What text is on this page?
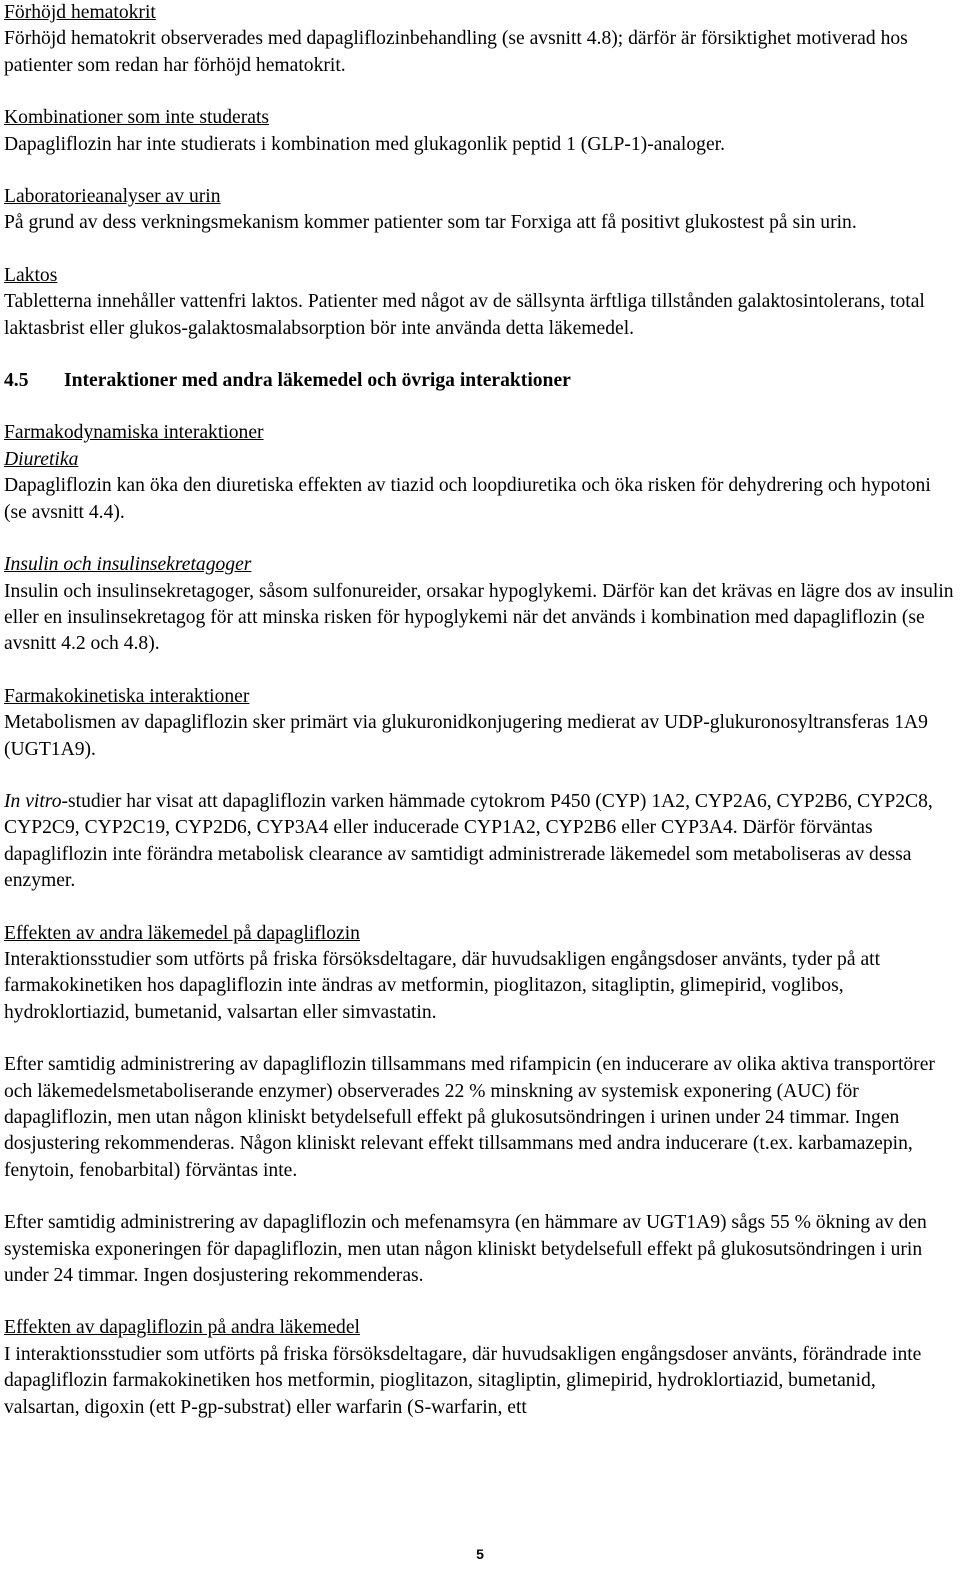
Förhöjd hematokrit

Förhöjd hematokrit observerades med dapagliflozinbehandling (se avsnitt 4.8); därför är försiktighet motiverad hos patienter som redan har förhöjd hematokrit.

Kombinationer som inte studerats

Dapagliflozin har inte studierats i kombination med glukagonlik peptid 1 (GLP-1)-analoger.

Laboratorieanalyser av urin

På grund av dess verkningsmekanism kommer patienter som tar Forxiga att få positivt glukostest på sin urin.

Laktos

Tabletterna innehåller vattenfri laktos. Patienter med något av de sällsynta ärftliga tillstånden galaktosintolerans, total laktasbrist eller glukos-galaktosmalabsorption bör inte använda detta läkemedel.

4.5	Interaktioner med andra läkemedel och övriga interaktioner

Farmakodynamiska interaktioner

Diuretika

Dapagliflozin kan öka den diuretiska effekten av tiazid och loopdiuretika och öka risken för dehydrering och hypotoni (se avsnitt 4.4).

Insulin och insulinsekretagoger

Insulin och insulinsekretagoger, såsom sulfonureider, orsakar hypoglykemi. Därför kan det krävas en lägre dos av insulin eller en insulinsekretagog för att minska risken för hypoglykemi när det används i kombination med dapagliflozin (se avsnitt 4.2 och 4.8).

Farmakokinetiska interaktioner

Metabolismen av dapagliflozin sker primärt via glukuronidkonjugering medierat av UDP-glukuronosyltransferas 1A9 (UGT1A9).

In vitro-studier har visat att dapagliflozin varken hämmade cytokrom P450 (CYP) 1A2, CYP2A6, CYP2B6, CYP2C8, CYP2C9, CYP2C19, CYP2D6, CYP3A4 eller inducerade CYP1A2, CYP2B6 eller CYP3A4. Därför förväntas dapagliflozin inte förändra metabolisk clearance av samtidigt administrerade läkemedel som metaboliseras av dessa enzymer.

Effekten av andra läkemedel på dapagliflozin

Interaktionsstudier som utförts på friska försöksdeltagare, där huvudsakligen engångsdoser använts, tyder på att farmakokinetiken hos dapagliflozin inte ändras av metformin, pioglitazon, sitagliptin, glimepirid, voglibos, hydroklortiazid, bumetanid, valsartan eller simvastatin.

Efter samtidig administrering av dapagliflozin tillsammans med rifampicin (en inducerare av olika aktiva transportörer och läkemedelsmetaboliserande enzymer) observerades 22 % minskning av systemisk exponering (AUC) för dapagliflozin, men utan någon kliniskt betydelsefull effekt på glukosutsöndringen i urinen under 24 timmar. Ingen dosjustering rekommenderas. Någon kliniskt relevant effekt tillsammans med andra inducerare (t.ex. karbamazepin, fenytoin, fenobarbital) förväntas inte.

Efter samtidig administrering av dapagliflozin och mefenamsyra (en hämmare av UGT1A9) sågs 55 % ökning av den systemiska exponeringen för dapagliflozin, men utan någon kliniskt betydelsefull effekt på glukosutsöndringen i urin under 24 timmar. Ingen dosjustering rekommenderas.

Effekten av dapagliflozin på andra läkemedel

I interaktionsstudier som utförts på friska försöksdeltagare, där huvudsakligen engångsdoser använts, förändrade inte dapagliflozin farmakokinetiken hos metformin, pioglitazon, sitagliptin, glimepirid, hydroklortiazid, bumetanid, valsartan, digoxin (ett P-gp-substrat) eller warfarin (S-warfarin, ett

5
